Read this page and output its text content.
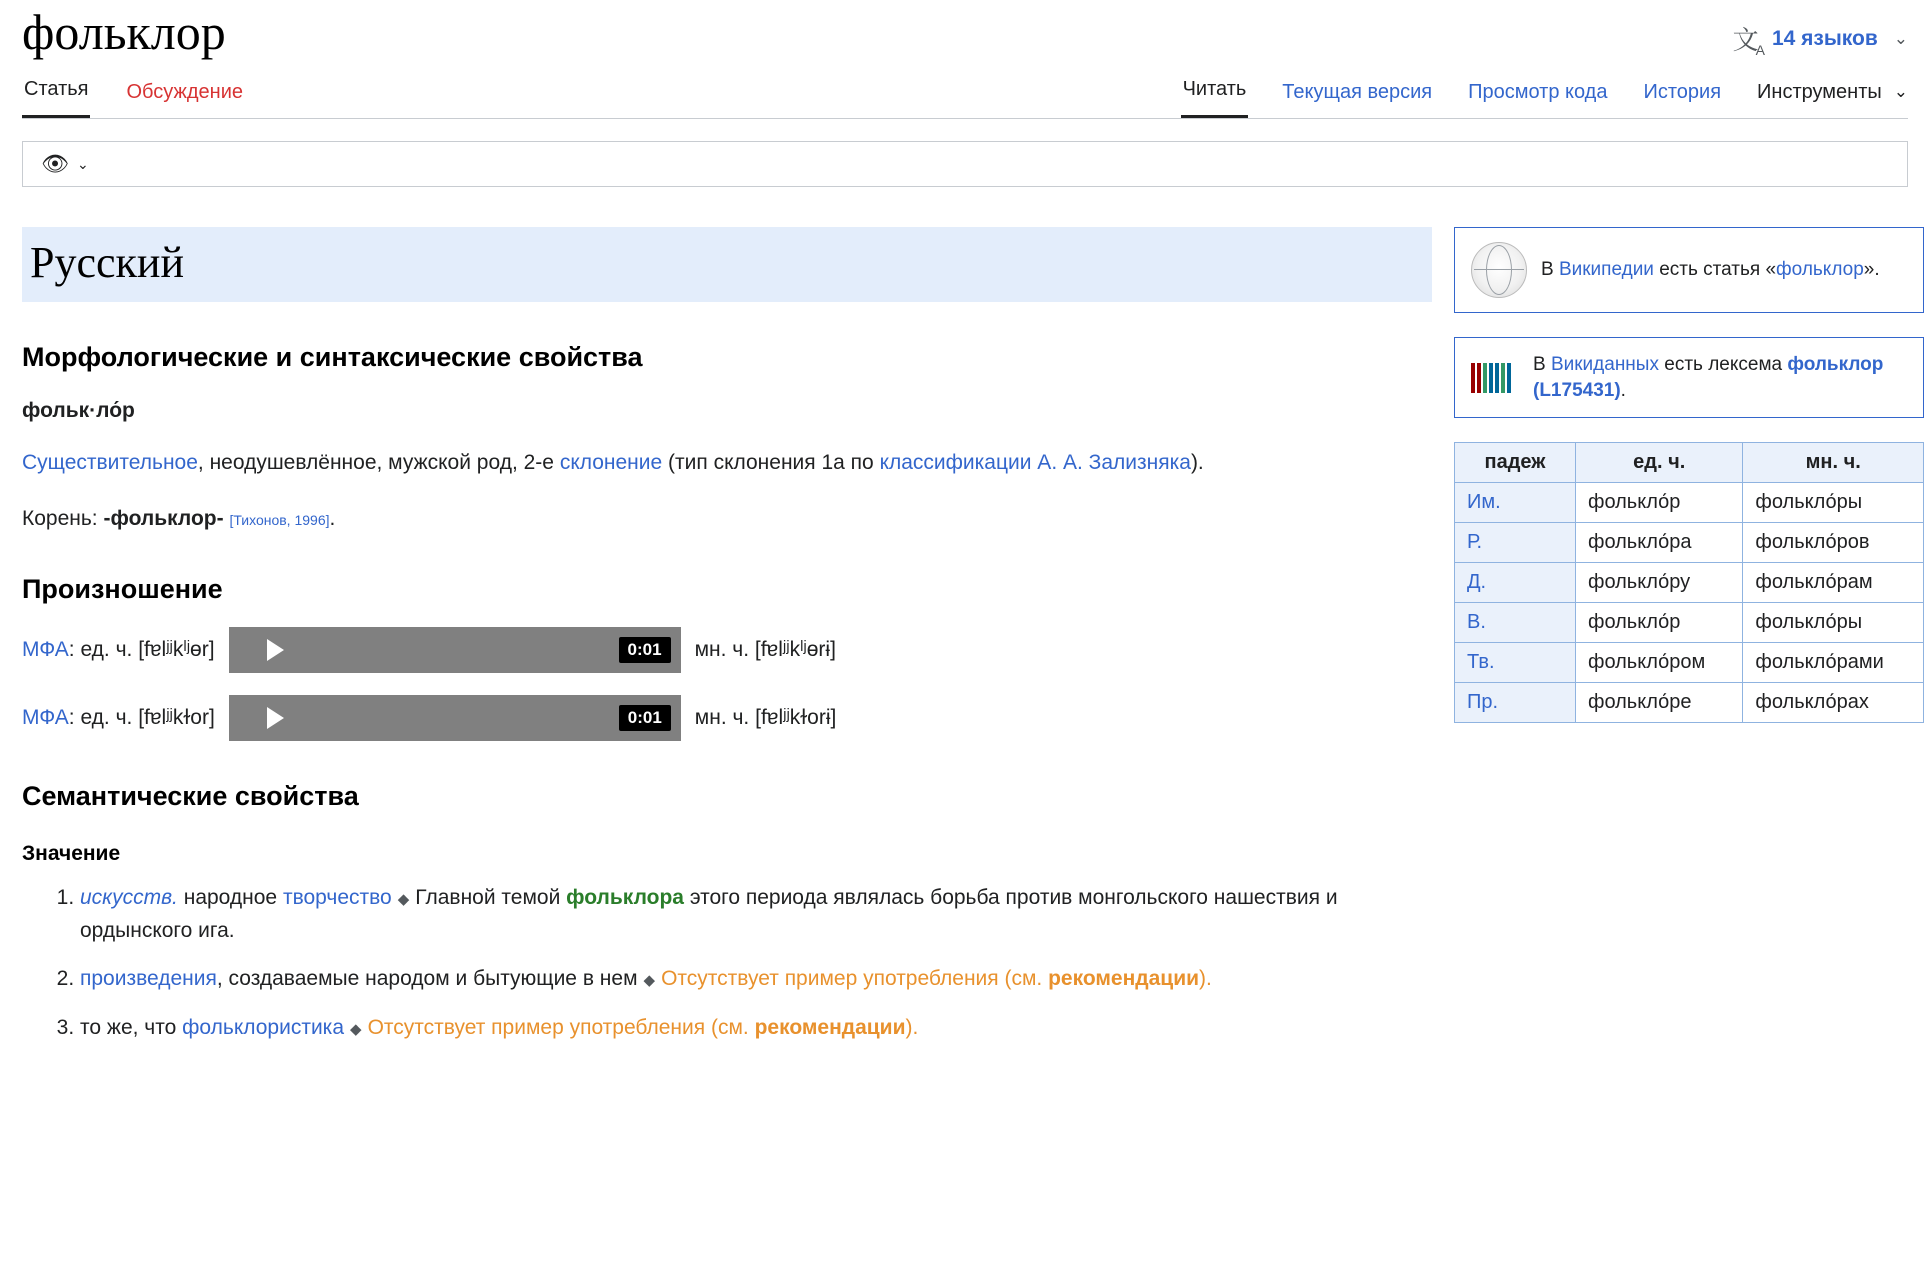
фольклор	文$_A$
14 языков ⌄
Статья Обсуждение	Читать Текущая версия Просмотр кода История Инструменты ⌄
👁 ⌄
Русский
Морфологические и синтаксические свойства

фольк·ло́р

Существительное, неодушевлённое, мужской род, 2-е склонение (тип склонения 1a по классификации А. А. Зализняка).

Корень: -фольклор- [Тихонов, 1996].

Произношение
МФА: ед. ч. [fɐlʲʲkˡʲɵr]	0:01	мн. ч. [fɐlʲʲkˡʲɵrɨ]
МФА: ед. ч. [fɐlʲʲkɫor]	0:01	мн. ч. [fɐlʲʲkɫorɨ]
Семантические свойства
Значение
1. искусств. народное творчество ◆ Главной темой фольклора этого периода являлась борьба против монгольского нашествия и ордынского ига.
2. произведения, создаваемые народом и бытующие в нем ◆ Отсутствует пример употребления (см. рекомендации).
3. то же, что фольклористика ◆ Отсутствует пример употребления (см. рекомендации).
В Википедии есть статья «фольклор».
В Викиданных есть лексема фольклор (L175431).
падеж	ед. ч.	мн. ч.
Им.	фолькло́р	фолькло́ры
Р.	фолькло́ра	фолькло́ров
Д.	фолькло́ру	фолькло́рам
В.	фолькло́р	фолькло́ры
Тв.	фолькло́ром	фолькло́рами
Пр.	фолькло́ре	фолькло́рах
